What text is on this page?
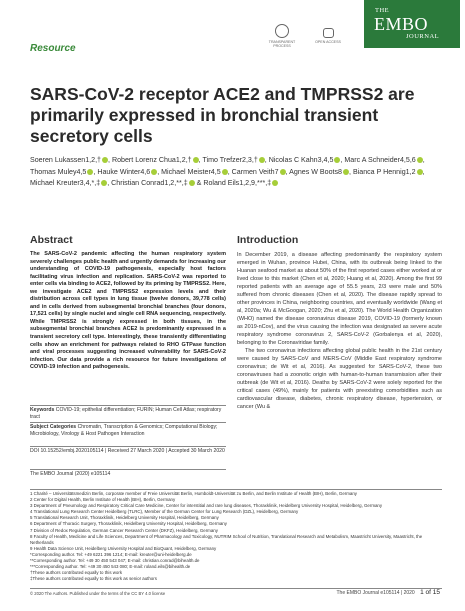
Resource
TRANSPARENT PROCESS
OPEN ACCESS
THE
EMBO
JOURNAL
SARS-CoV-2 receptor ACE2 and TMPRSS2 are primarily expressed in bronchial transient secretory cells
Soeren Lukassen1,2,† , Robert Lorenz Chua1,2,† , Timo Trefzer2,3,† , Nicolas C Kahn3,4,5 , Marc A Schneider4,5,6 , Thomas Muley4,5 , Hauke Winter4,6 , Michael Meister4,5 , Carmen Veith7 , Agnes W Boots8 , Bianca P Hennig1,2 , Michael Kreuter3,4,*,‡ , Christian Conrad1,2,**,‡ & Roland Eils1,2,9,***,‡
Abstract
The SARS-CoV-2 pandemic affecting the human respiratory system severely challenges public health and urgently demands for increasing our understanding of COVID-19 pathogenesis, especially host factors facilitating virus infection and replication. SARS-CoV-2 was reported to enter cells via binding to ACE2, followed by its priming by TMPRSS2. Here, we investigate ACE2 and TMPRSS2 expression levels and their distribution across cell types in lung tissue (twelve donors, 39,778 cells) and in cells derived from subsegmental bronchial branches (four donors, 17,521 cells) by single nuclei and single cell RNA sequencing, respectively. While TMPRSS2 is strongly expressed in both tissues, in the subsegmental bronchial branches ACE2 is predominantly expressed in a transient secretory cell type. Interestingly, these transiently differentiating cells show an enrichment for pathways related to RHO GTPase function and viral processes suggesting increased vulnerability for SARS-CoV-2 infection. Our data provide a rich resource for future investigations of COVID-19 infection and pathogenesis.
Keywords COVID-19; epithelial differentiation; FURIN; Human Cell Atlas; respiratory tract
Subject Categories Chromatin, Transcription & Genomics; Computational Biology; Microbiology, Virology & Host Pathogen Interaction
DOI 10.15252/embj.2020105114 | Received 27 March 2020 | Accepted 30 March 2020
The EMBO Journal (2020) e105114
Introduction

In December 2019, a disease affecting predominantly the respiratory system emerged in Wuhan, province Hubei, China, with its outbreak being linked to the Huanan seafood market as about 50% of the first reported cases either worked at or lived close to this market (Chen et al, 2020; Huang et al, 2020). Among the first 99 reported patients with an average age of 55.5 years, 2/3 were male and 50% suffered from chronic diseases (Chen et al, 2020). The disease rapidly spread to other provinces in China, neighboring countries, and eventually worldwide (Wang et al, 2020a; Wu & McGoogan, 2020; Zhu et al, 2020). The World Health Organization (WHO) named the disease coronavirus disease 2019, COVID-19 (formerly known as 2019-nCov), and the virus causing the infection was designated as severe acute respiratory syndrome coronavirus 2, SARS-CoV-2 (Gorbalenya et al, 2020), belonging to the Coronaviridae family.

The two coronavirus infections affecting global public health in the 21st century were caused by SARS-CoV and MERS-CoV (Middle East respiratory syndrome coronavirus; de Wit et al, 2016). As suggested for SARS-CoV-2, these two coronaviruses had a zoonotic origin with human-to-human transmission after their outbreak (de Wit et al, 2016). Deaths by SARS-CoV-2 were solely reported for the critical cases (49%), mainly for patients with preexisting comorbidities such as cardiovascular disease, diabetes, chronic respiratory disease, hypertension, or cancer (Wu &

1 Charité – Universitätsmedizin Berlin, corporate member of Freie Universität Berlin, Humboldt-Universität zu Berlin, and Berlin Institute of Health (BIH), Berlin, Germany
2 Center for Digital Health, Berlin Institute of Health (BIH), Berlin, Germany
3 Department of Pneumology and Respiratory Critical Care Medicine, Center for interstitial and rare lung diseases, Thoraxklinik, Heidelberg University Hospital, Heidelberg, Germany
4 Translational Lung Research Center Heidelberg (TLRC), Member of the German Center for Lung Research (DZL), Heidelberg, Germany
5 Translational Research Unit, Thoraxklinik, Heidelberg University Hospital, Heidelberg, Germany
6 Department of Thoracic Surgery, Thoraxklinik, Heidelberg University Hospital, Heidelberg, Germany
7 Division of Redox Regulation, German Cancer Research Center (DKFZ), Heidelberg, Germany
8 Faculty of Health, Medicine and Life Sciences, Department of Pharmacology and Toxicology, NUTRIM School of Nutrition, Translational Research and Metabolism, Maastricht University, Maastricht, the Netherlands
9 Health Data Science Unit, Heidelberg University Hospital and BioQuant, Heidelberg, Germany
*Corresponding author. Tel: +49 6221 396 1214; E-mail: kreuter@uni-heidelberg.de
**Corresponding author. Tel: +49 30 450 543 047; E-mail: christian.conrad@bihealth.de
***Corresponding author. Tel: +49 30 450 543 080; E-mail: roland.eils@bihealth.de
†These authors contributed equally to this work
‡These authors contributed equally to this work as senior authors
© 2020 The Authors. Published under the terms of the CC BY 4.0 license	The EMBO Journal e105114 | 2020 1 of 15
